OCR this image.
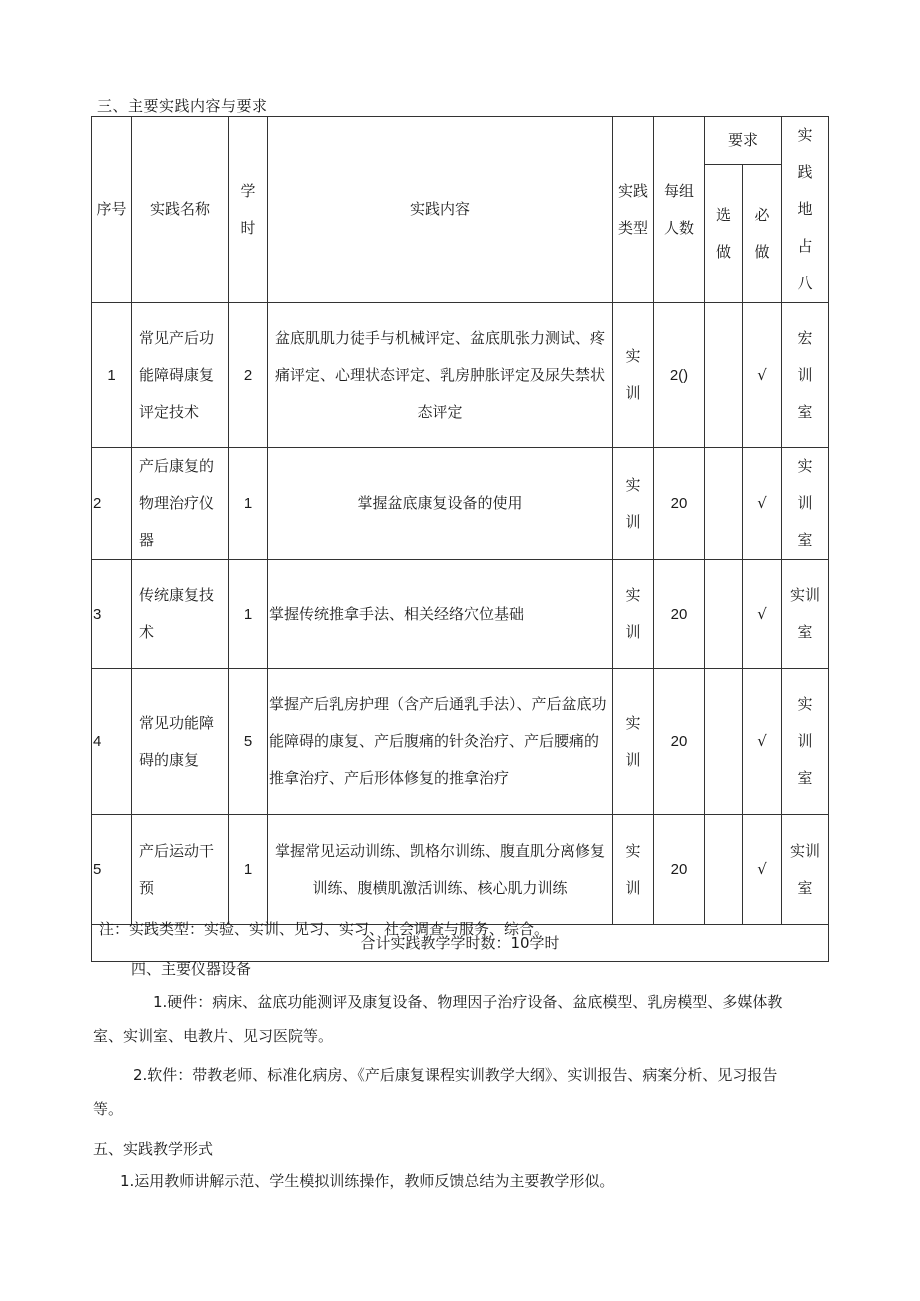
三、主要实践内容与要求
序号	实践名称	学时	实践内容	实践类型	每组人数	要求		实践地占八
						选做	必做	
1	常见产后功能障碍康复评定技术	2	盆底肌肌力徒手与机械评定、盆底肌张力测试、疼痛评定、心理状态评定、乳房肿胀评定及尿失禁状态评定	实训	2()		√	宏训室
2	产后康复的物理治疗仪器	1	掌握盆底康复设备的使用	实训	20		√	实训室
3	传统康复技术	1	掌握传统推拿手法、相关经络穴位基础	实训	20		√	实训室
4	常见功能障碍的康复	5	掌握产后乳房护理（含产后通乳手法）、产后盆底功能障碍的康复、产后腹痛的针灸治疗、产后腰痛的推拿治疗、产后形体修复的推拿治疗	实训	20		√	实训室
5	产后运动干预	1	掌握常见运动训练、凯格尔训练、腹直肌分离修复训练、腹横肌激活训练、核心肌力训练	实训	20		√	实训室
合计实践教学学时数：10学时								
注：实践类型：实验、实训、见习、实习、社会调查与服务、综合。
四、主要仪器设备
1.硬件：病床、盆底功能测评及康复设备、物理因子治疗设备、盆底模型、乳房模型、多媒体教室、实训室、电教片、见习医院等。
2.软件：带教老师、标准化病房、《产后康复课程实训教学大纲》、实训报告、病案分析、见习报告等。
五、实践教学形式
1.运用教师讲解示范、学生模拟训练操作，教师反馈总结为主要教学形似。
